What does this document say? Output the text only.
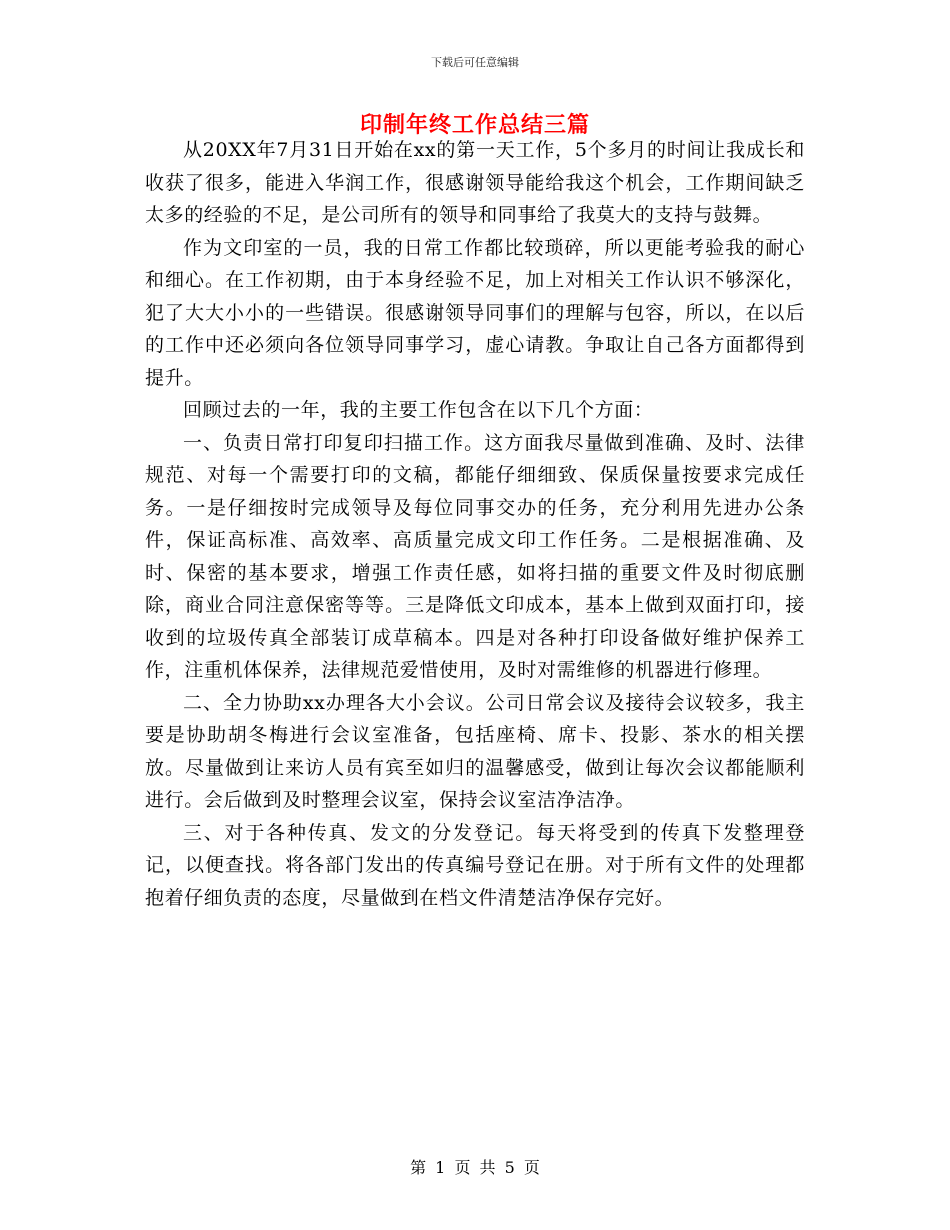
下载后可任意编辑
印制年终工作总结三篇

从20XX年7月31日开始在xx的第一天工作，5个多月的时间让我成长和收获了很多，能进入华润工作，很感谢领导能给我这个机会，工作期间缺乏太多的经验的不足，是公司所有的领导和同事给了我莫大的支持与鼓舞。

作为文印室的一员，我的日常工作都比较琐碎，所以更能考验我的耐心和细心。在工作初期，由于本身经验不足，加上对相关工作认识不够深化，犯了大大小小的一些错误。很感谢领导同事们的理解与包容，所以，在以后的工作中还必须向各位领导同事学习，虚心请教。争取让自己各方面都得到提升。

回顾过去的一年，我的主要工作包含在以下几个方面：

一、负责日常打印复印扫描工作。这方面我尽量做到准确、及时、法律规范、对每一个需要打印的文稿，都能仔细细致、保质保量按要求完成任务。一是仔细按时完成领导及每位同事交办的任务，充分利用先进办公条件，保证高标准、高效率、高质量完成文印工作任务。二是根据准确、及时、保密的基本要求，增强工作责任感，如将扫描的重要文件及时彻底删除，商业合同注意保密等等。三是降低文印成本，基本上做到双面打印，接收到的垃圾传真全部装订成草稿本。四是对各种打印设备做好维护保养工作，注重机体保养，法律规范爱惜使用，及时对需维修的机器进行修理。

二、全力协助xx办理各大小会议。公司日常会议及接待会议较多，我主要是协助胡冬梅进行会议室准备，包括座椅、席卡、投影、茶水的相关摆放。尽量做到让来访人员有宾至如归的温馨感受，做到让每次会议都能顺利进行。会后做到及时整理会议室，保持会议室洁净洁净。

三、对于各种传真、发文的分发登记。每天将受到的传真下发整理登记，以便查找。将各部门发出的传真编号登记在册。对于所有文件的处理都抱着仔细负责的态度，尽量做到在档文件清楚洁净保存完好。

第 1 页 共 5 页
